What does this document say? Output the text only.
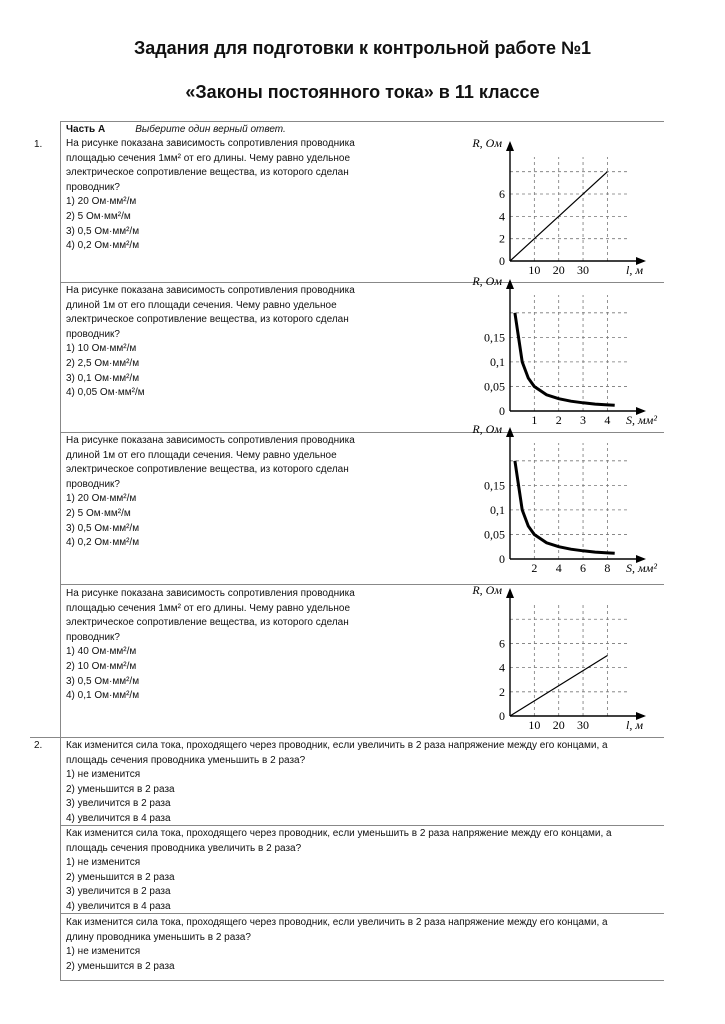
Задания для подготовки к контрольной работе №1
«Законы постоянного тока» в 11 классе
Часть А	Выберите один верный ответ.
1.
2.
На рисунке показана зависимость сопротивления проводника
площадью сечения 1мм² от его длины. Чему равно удельное
электрическое сопротивление вещества, из которого сделан
проводник?
1) 20 Ом·мм²/м
2) 5 Ом·мм²/м
3) 0,5 Ом·мм²/м
4) 0,2 Ом·мм²/м
На рисунке показана зависимость сопротивления проводника
длиной 1м от его площади сечения. Чему равно удельное
электрическое сопротивление вещества, из которого сделан
проводник?
1) 10 Ом·мм²/м
2) 2,5 Ом·мм²/м
3) 0,1 Ом·мм²/м
4) 0,05 Ом·мм²/м
На рисунке показана зависимость сопротивления проводника
длиной 1м от его площади сечения. Чему равно удельное
электрическое сопротивление вещества, из которого сделан
проводник?
1) 20 Ом·мм²/м
2) 5 Ом·мм²/м
3) 0,5 Ом·мм²/м
4) 0,2 Ом·мм²/м
На рисунке показана зависимость сопротивления проводника
площадью сечения 1мм² от его длины. Чему равно удельное
электрическое сопротивление вещества, из которого сделан
проводник?
1) 40 Ом·мм²/м
2) 10 Ом·мм²/м
3) 0,5 Ом·мм²/м
4) 0,1 Ом·мм²/м
Как изменится сила тока, проходящего через проводник, если увеличить в 2 раза напряжение между его концами, а
площадь сечения проводника уменьшить в 2 раза?
1) не изменится
2) уменьшится в 2 раза
3) увеличится в 2 раза
4) увеличится в 4 раза
Как изменится сила тока, проходящего через проводник, если уменьшить в 2 раза напряжение между его концами, а
площадь сечения проводника увеличить в 2 раза?
1) не изменится
2) уменьшится в 2 раза
3) увеличится в 2 раза
4) увеличится в 4 раза
Как изменится сила тока, проходящего через проводник, если увеличить в 2 раза напряжение между его концами, а
длину проводника уменьшить в 2 раза?
1) не изменится
2) уменьшится в 2 раза
10 20 30
0
2
4
6
R, Ом
l, м
1 2 3 4
0
0,05
0,1
0,15
R, Ом
S, мм²
2 4 6 8
0
0,05
0,1
0,15
R, Ом
S, мм²
10 20 30
0
2
4
6
R, Ом
l, м
